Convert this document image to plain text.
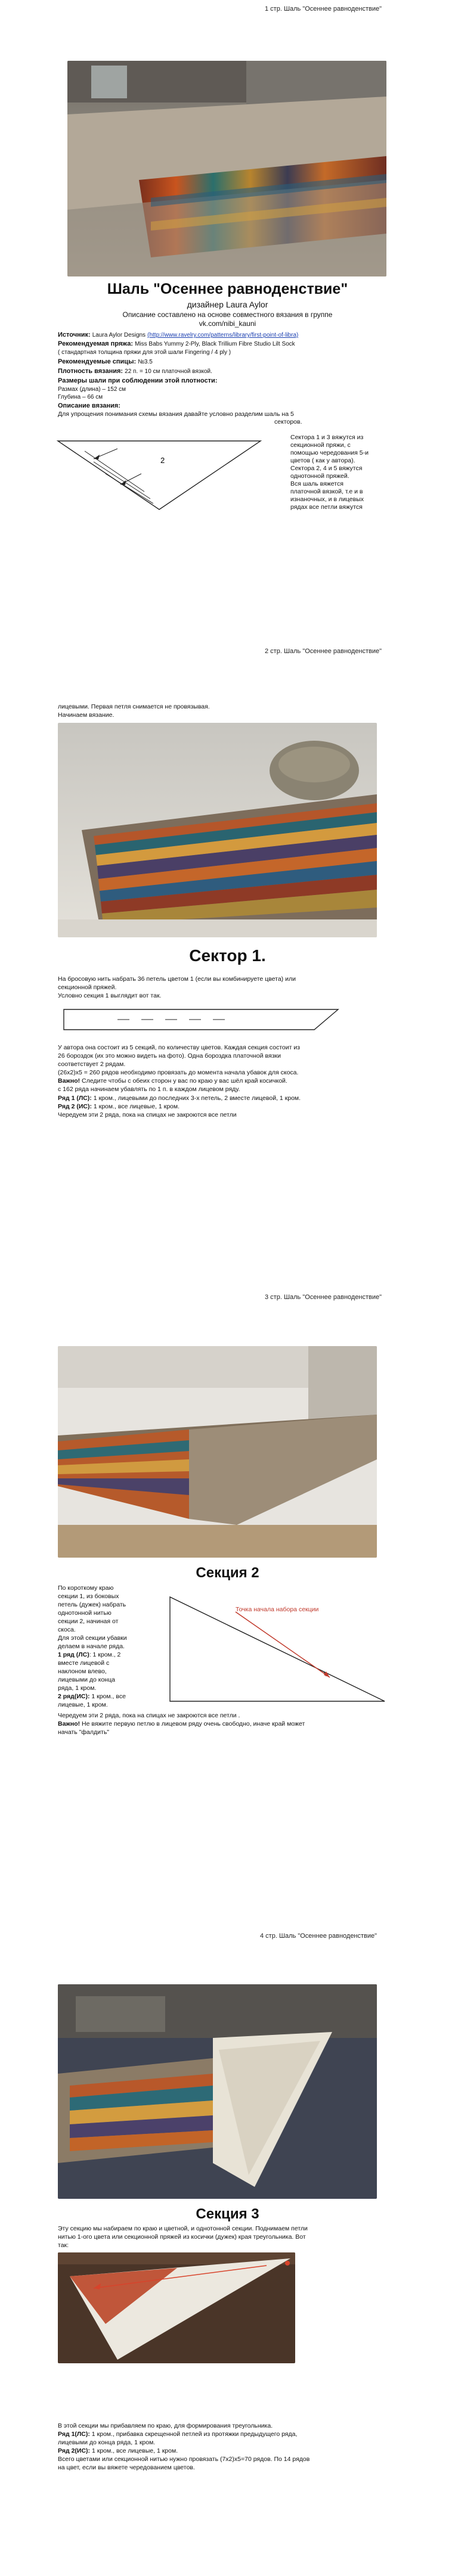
1 стр. Шаль "Осеннее равноденствие"
Шаль "Осеннее равноденствие"
дизайнер Laura Aylor
Описание составлено на основе совместного вязания в группе
vk.com/nibi_kauni
Источник: Laura Aylor Designs (http://www.ravelry.com/patterns/library/first-point-of-libra)
Рекомендуемая пряжа: Miss Babs Yummy 2-Ply, Black Trillium Fibre Studio Lilt Sock
( стандартная толщина пряжи для этой шали Fingering / 4 ply )
Рекомендуемые спицы: №3.5
Плотность вязания: 22 п. = 10 см платочной вязкой.
Размеры шали при соблюдении этой плотности:
Размах (длина) – 152 см
Глубина – 66 см
Описание вязания:
Для упрощения понимания схемы вязания давайте условно разделим шаль на 5
секторов.
2
Сектора 1 и 3 вяжутся из
секционной пряжи, с
помощью чередования 5-и
цветов ( как у автора).
Сектора 2, 4 и 5 вяжутся
однотонной пряжей.
Вся шаль вяжется
платочной вязкой, т.е и в
изнаночных, и в лицевых
рядах все петли вяжутся
2 стр. Шаль "Осеннее равноденствие"
лицевыми. Первая петля снимается не провязывая.
Начинаем вязание.
Сектор 1.
На бросовую нить набрать 36 петель цветом 1 (если вы комбинируете цвета) или
секционной пряжей.
Условно секция 1 выглядит вот так.
У автора она состоит из 5 секций, по количеству цветов. Каждая секция состоит из
26 бороздок (их это можно видеть на фото). Одна бороздка платочной вязки
соответствует 2 рядам.
(26х2)х5 = 260 рядов необходимо провязать до момента начала убавок для скоса.
Важно! Следите чтобы с обеих сторон у вас по краю у вас шёл край косичкой.
с 162 ряда начинаем убавлять по 1 п. в каждом лицевом ряду.
Ряд 1 (ЛС): 1 кром., лицевыми до последних 3-х петель, 2 вместе лицевой, 1 кром.
Ряд 2 (ИС): 1 кром., все лицевые, 1 кром.
Чередуем эти 2 ряда, пока на спицах не закроются все петли
3 стр. Шаль "Осеннее равноденствие"
Секция 2
По короткому краю
секции 1, из боковых
петель (дужек) набрать
однотонной нитью
секции 2, начиная от
скоса.
Для этой секции убавки
делаем в начале ряда.
1 ряд (ЛС): 1 кром., 2
вместе лицевой с
наклоном влево,
лицевыми до конца
ряда, 1 кром.
2 ряд(ИС): 1 кром., все
лицевые, 1 кром.
Точка начала набора секции
Чередуем эти 2 ряда, пока на спицах не закроются все петли .
Важно! Не вяжите первую петлю в лицевом ряду очень свободно, иначе край может
начать "фалдить"
4 стр. Шаль "Осеннее равноденствие"
Секция 3
Эту секцию мы набираем по краю и цветной, и однотонной секции. Поднимаем петли
нитью 1-ого цвета или секционной пряжей из косички (дужек) края треугольника. Вот
так:
В этой секции мы прибавляем по краю, для формирования треугольника.
Ряд 1(ЛС): 1 кром., прибавка скрещенной петлей из протяжки предыдущего ряда,
лицевыми до конца ряда, 1 кром.
Ряд 2(ИС): 1 кром., все лицевые, 1 кром.
Всего цветами или секционной нитью нужно провязать (7x2)x5=70 рядов. По 14 рядов
на цвет, если вы вяжете чередованием цветов.
